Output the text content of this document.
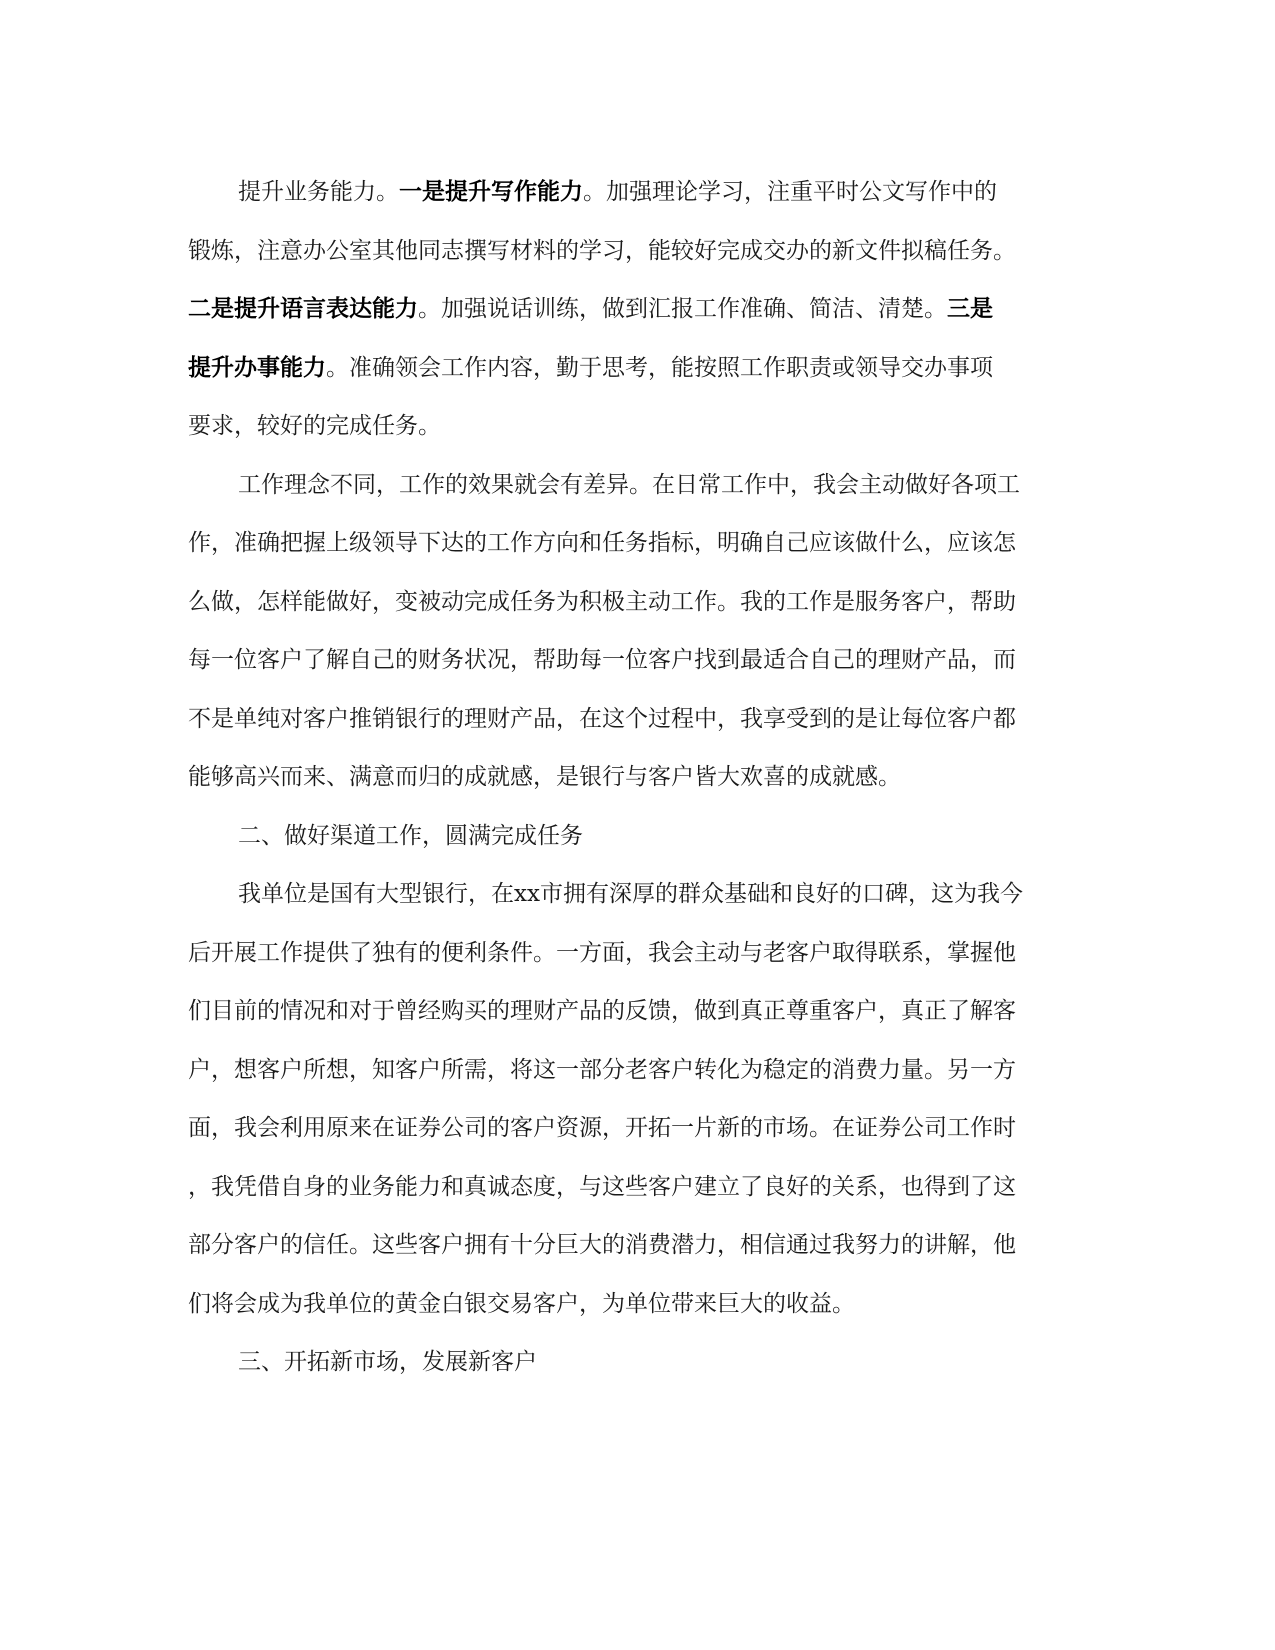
提升业务能力。一是提升写作能力。加强理论学习，注重平时公文写作中的
锻炼，注意办公室其他同志撰写材料的学习，能较好完成交办的新文件拟稿任务。
二是提升语言表达能力。加强说话训练，做到汇报工作准确、简洁、清楚。三是
提升办事能力。准确领会工作内容，勤于思考，能按照工作职责或领导交办事项
要求，较好的完成任务。
工作理念不同，工作的效果就会有差异。在日常工作中，我会主动做好各项工
作，准确把握上级领导下达的工作方向和任务指标，明确自己应该做什么，应该怎
么做，怎样能做好，变被动完成任务为积极主动工作。我的工作是服务客户，帮助
每一位客户了解自己的财务状况，帮助每一位客户找到最适合自己的理财产品，而
不是单纯对客户推销银行的理财产品，在这个过程中，我享受到的是让每位客户都
能够高兴而来、满意而归的成就感，是银行与客户皆大欢喜的成就感。
二、做好渠道工作，圆满完成任务
我单位是国有大型银行，在xx市拥有深厚的群众基础和良好的口碑，这为我今
后开展工作提供了独有的便利条件。一方面，我会主动与老客户取得联系，掌握他
们目前的情况和对于曾经购买的理财产品的反馈，做到真正尊重客户，真正了解客
户，想客户所想，知客户所需，将这一部分老客户转化为稳定的消费力量。另一方
面，我会利用原来在证券公司的客户资源，开拓一片新的市场。在证券公司工作时
，我凭借自身的业务能力和真诚态度，与这些客户建立了良好的关系，也得到了这
部分客户的信任。这些客户拥有十分巨大的消费潜力，相信通过我努力的讲解，他
们将会成为我单位的黄金白银交易客户，为单位带来巨大的收益。
三、开拓新市场，发展新客户
